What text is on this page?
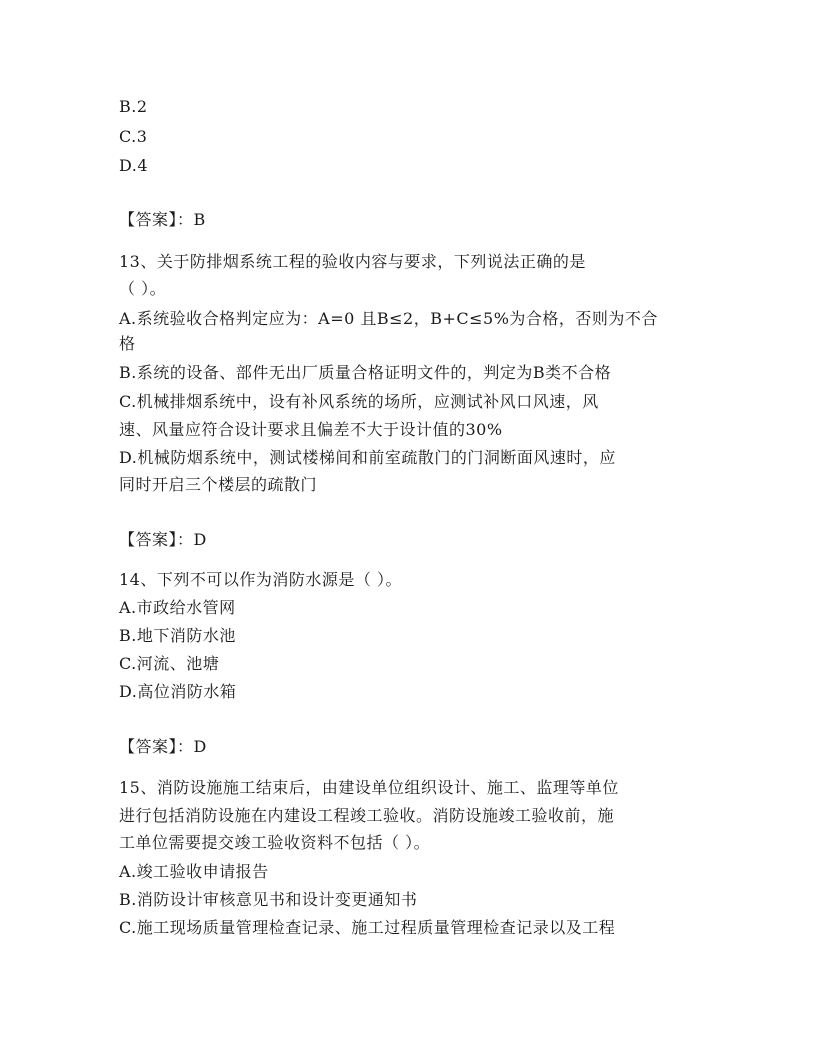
B.2
C.3
D.4
【答案】：B
13、关于防排烟系统工程的验收内容与要求，下列说法正确的是
（ ）。
A.系统验收合格判定应为：A=0 且B≤2，B+C≤5%为合格，否则为不合
格
B.系统的设备、部件无出厂质量合格证明文件的，判定为B类不合格
C.机械排烟系统中，设有补风系统的场所，应测试补风口风速，风
速、风量应符合设计要求且偏差不大于设计值的30%
D.机械防烟系统中，测试楼梯间和前室疏散门的门洞断面风速时，应
同时开启三个楼层的疏散门
【答案】：D
14、下列不可以作为消防水源是（ ）。
A.市政给水管网
B.地下消防水池
C.河流、池塘
D.高位消防水箱
【答案】：D
15、消防设施施工结束后，由建设单位组织设计、施工、监理等单位
进行包括消防设施在内建设工程竣工验收。消防设施竣工验收前，施
工单位需要提交竣工验收资料不包括（ ）。
A.竣工验收申请报告
B.消防设计审核意见书和设计变更通知书
C.施工现场质量管理检查记录、施工过程质量管理检查记录以及工程
